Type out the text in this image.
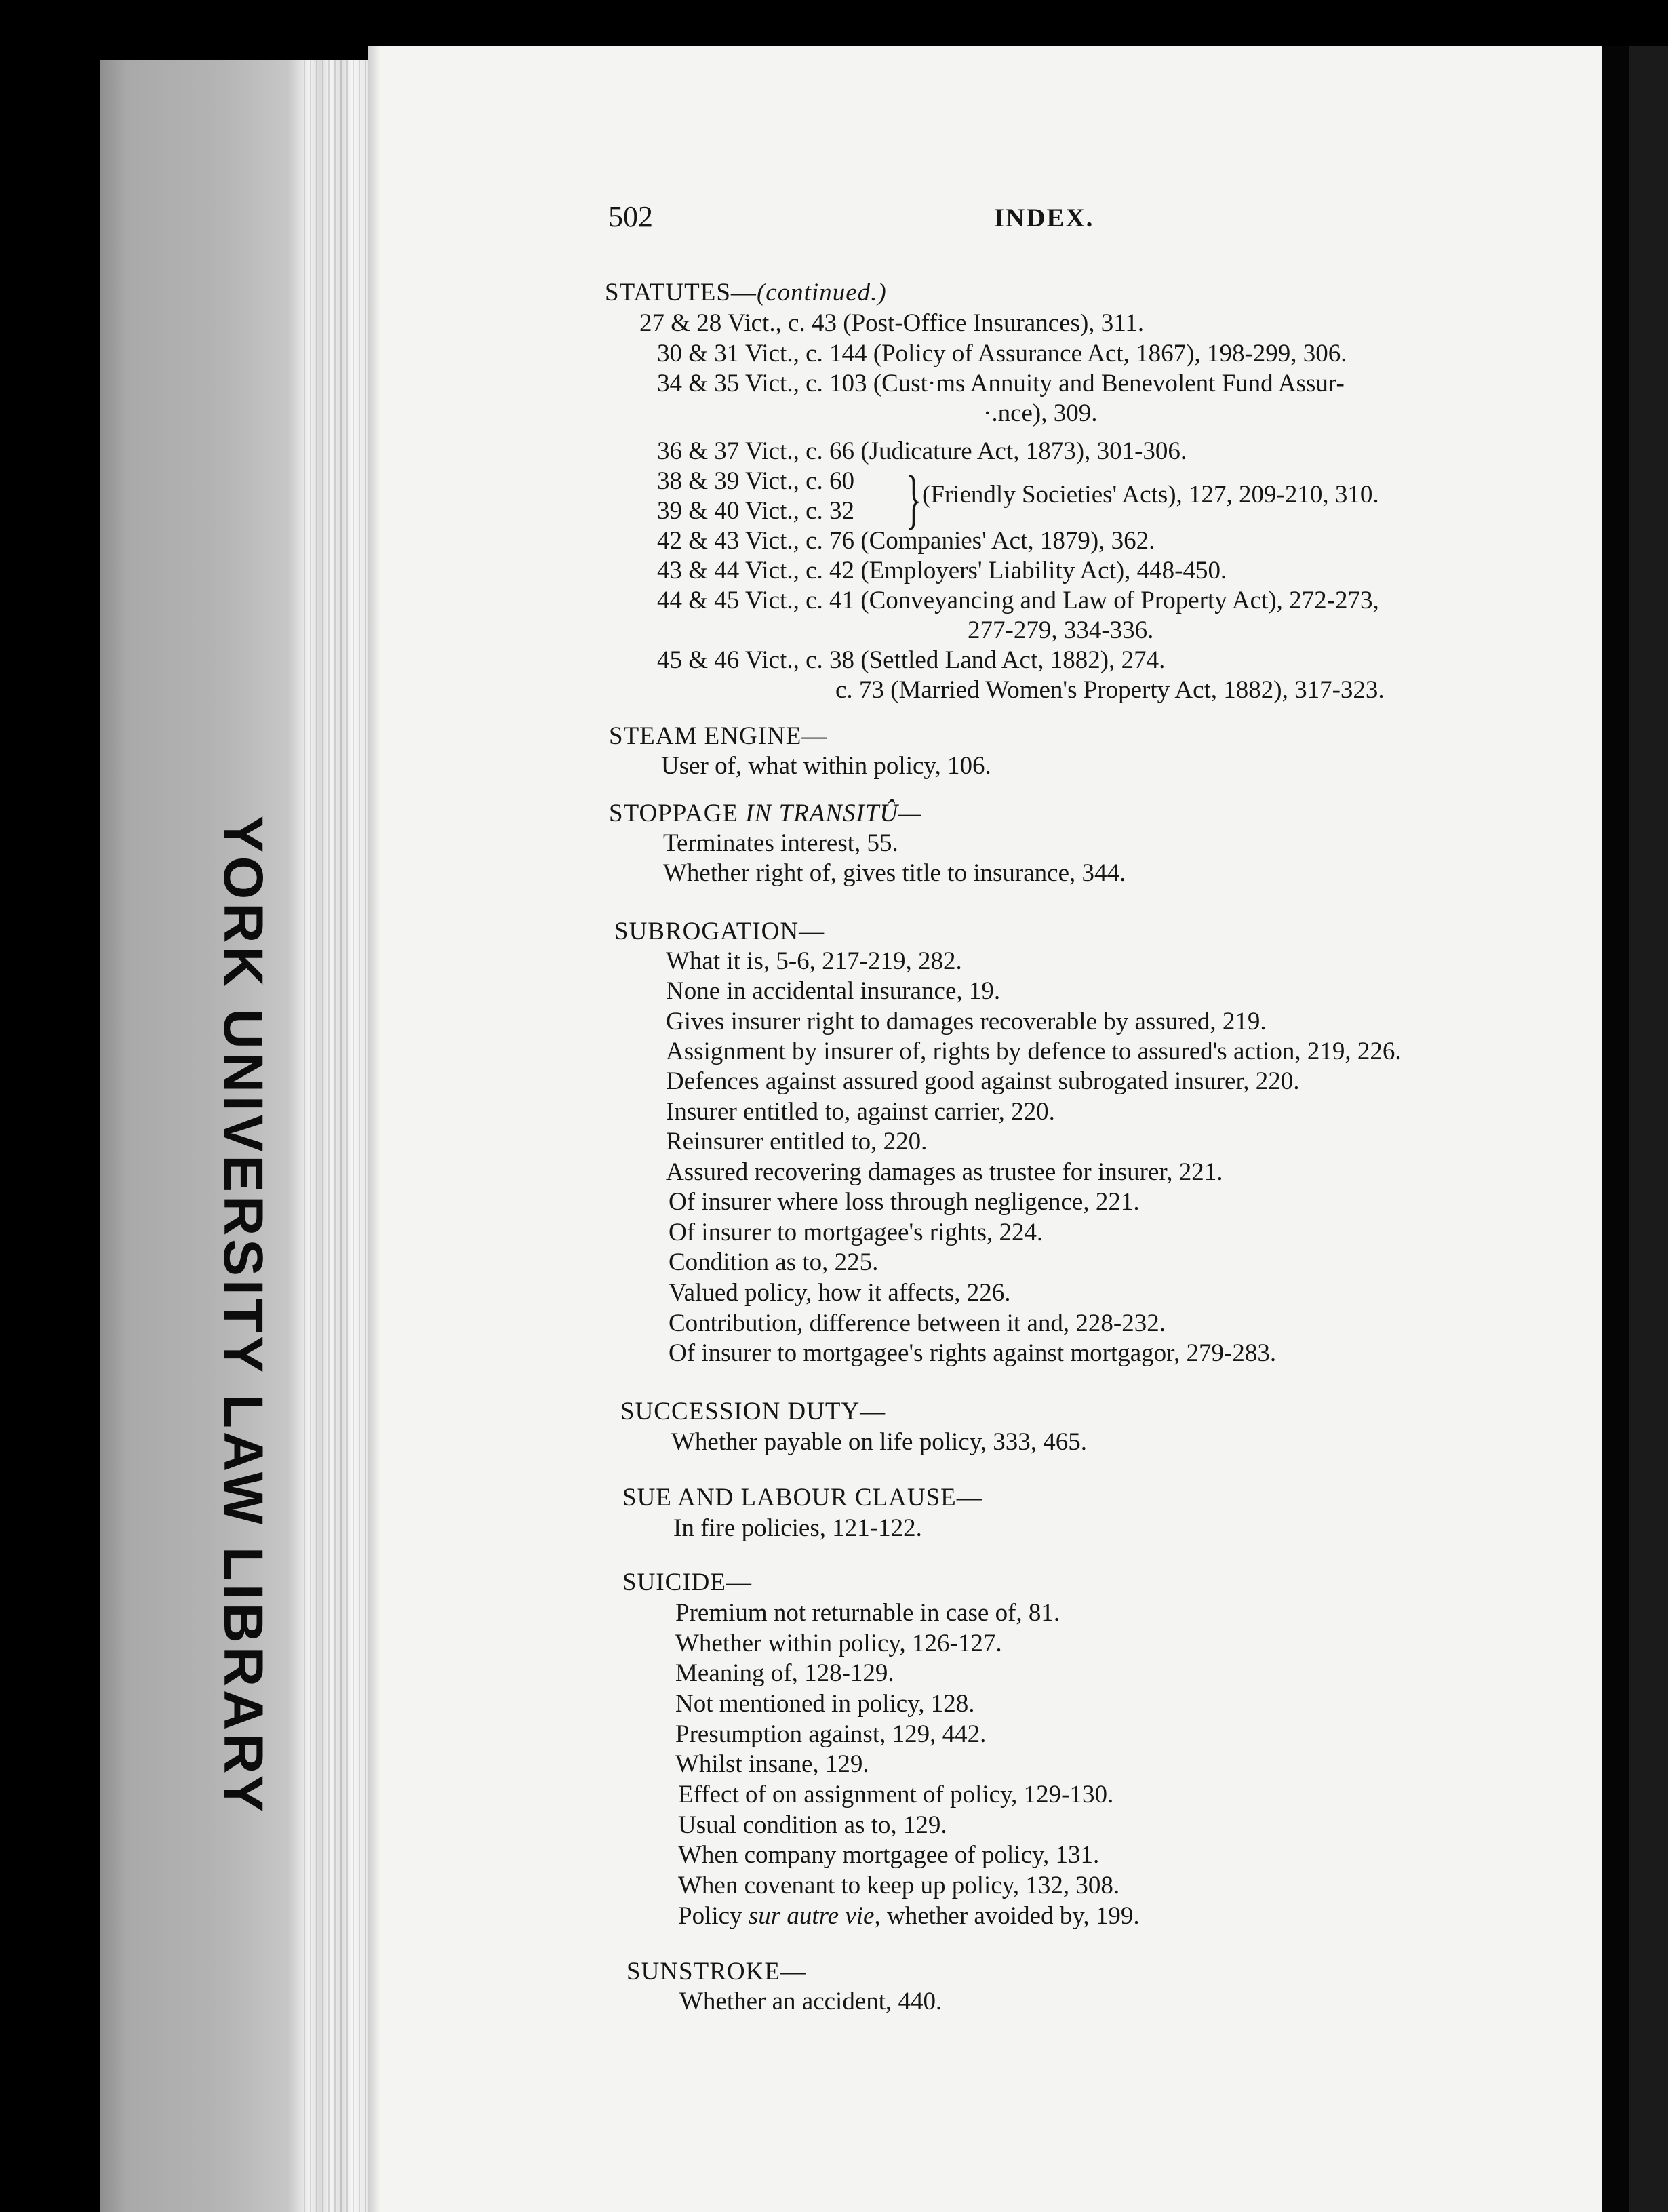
YORK UNIVERSITY LAW LIBRARY
502	INDEX.
STATUTES—(continued.)
27 & 28 Vict., c. 43 (Post-Office Insurances), 311.
30 & 31 Vict., c. 144 (Policy of Assurance Act, 1867), 198-299, 306.
34 & 35 Vict., c. 103 (Cust·ms Annuity and Benevolent Fund Assur-
·.nce), 309.
36 & 37 Vict., c. 66 (Judicature Act, 1873), 301-306.
38 & 39 Vict., c. 60 } (Friendly Societies' Acts), 127, 209-210, 310.
39 & 40 Vict., c. 32
42 & 43 Vict., c. 76 (Companies' Act, 1879), 362.
43 & 44 Vict., c. 42 (Employers' Liability Act), 448-450.
44 & 45 Vict., c. 41 (Conveyancing and Law of Property Act), 272-273,
277-279, 334-336.
45 & 46 Vict., c. 38 (Settled Land Act, 1882), 274.
c. 73 (Married Women's Property Act, 1882), 317-323.
STEAM ENGINE—
User of, what within policy, 106.
STOPPAGE IN TRANSITÛ—
Terminates interest, 55.
Whether right of, gives title to insurance, 344.
SUBROGATION—
What it is, 5-6, 217-219, 282.
None in accidental insurance, 19.
Gives insurer right to damages recoverable by assured, 219.
Assignment by insurer of, rights by defence to assured's action, 219, 226.
Defences against assured good against subrogated insurer, 220.
Insurer entitled to, against carrier, 220.
Reinsurer entitled to, 220.
Assured recovering damages as trustee for insurer, 221.
Of insurer where loss through negligence, 221.
Of insurer to mortgagee's rights, 224.
Condition as to, 225.
Valued policy, how it affects, 226.
Contribution, difference between it and, 228-232.
Of insurer to mortgagee's rights against mortgagor, 279-283.
SUCCESSION DUTY—
Whether payable on life policy, 333, 465.
SUE AND LABOUR CLAUSE—
In fire policies, 121-122.
SUICIDE—
Premium not returnable in case of, 81.
Whether within policy, 126-127.
Meaning of, 128-129.
Not mentioned in policy, 128.
Presumption against, 129, 442.
Whilst insane, 129.
Effect of on assignment of policy, 129-130.
Usual condition as to, 129.
When company mortgagee of policy, 131.
When covenant to keep up policy, 132, 308.
Policy sur autre vie, whether avoided by, 199.
SUNSTROKE—
Whether an accident, 440.
